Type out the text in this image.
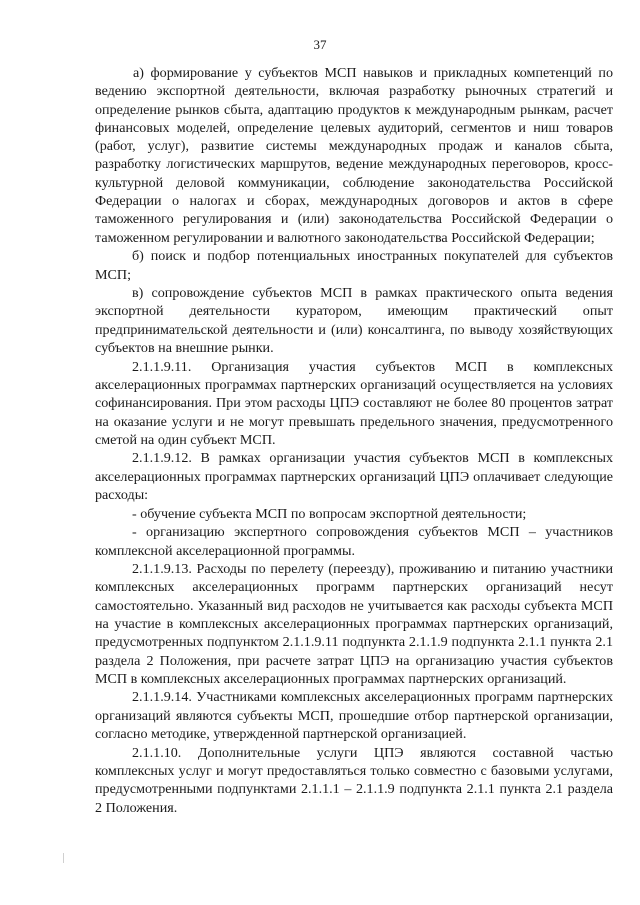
37

а) формирование у субъектов МСП навыков и прикладных компетенций по ведению экспортной деятельности, включая разработку рыночных стратегий и определение рынков сбыта, адаптацию продуктов к международным рынкам, расчет финансовых моделей, определение целевых аудиторий, сегментов и ниш товаров (работ, услуг), развитие системы международных продаж и каналов сбыта, разработку логистических маршрутов, ведение международных переговоров, кросс-культурной деловой коммуникации, соблюдение законодательства Российской Федерации о налогах и сборах, международных договоров и актов в сфере таможенного регулирования и (или) законодательства Российской Федерации о таможенном регулировании и валютного законодательства Российской Федерации;

б) поиск и подбор потенциальных иностранных покупателей для субъектов МСП;

в) сопровождение субъектов МСП в рамках практического опыта ведения экспортной деятельности куратором, имеющим практический опыт предпринимательской деятельности и (или) консалтинга, по выводу хозяйствующих субъектов на внешние рынки.

2.1.1.9.11. Организация участия субъектов МСП в комплексных акселерационных программах партнерских организаций осуществляется на условиях софинансирования. При этом расходы ЦПЭ составляют не более 80 процентов затрат на оказание услуги и не могут превышать предельного значения, предусмотренного сметой на один субъект МСП.

2.1.1.9.12. В рамках организации участия субъектов МСП в комплексных акселерационных программах партнерских организаций ЦПЭ оплачивает следующие расходы:

- обучение субъекта МСП по вопросам экспортной деятельности;

- организацию экспертного сопровождения субъектов МСП – участников комплексной акселерационной программы.

2.1.1.9.13. Расходы по перелету (переезду), проживанию и питанию участники комплексных акселерационных программ партнерских организаций несут самостоятельно. Указанный вид расходов не учитывается как расходы субъекта МСП на участие в комплексных акселерационных программах партнерских организаций, предусмотренных подпунктом 2.1.1.9.11 подпункта 2.1.1.9 подпункта 2.1.1 пункта 2.1 раздела 2 Положения, при расчете затрат ЦПЭ на организацию участия субъектов МСП в комплексных акселерационных программах партнерских организаций.

2.1.1.9.14. Участниками комплексных акселерационных программ партнерских организаций являются субъекты МСП, прошедшие отбор партнерской организации, согласно методике, утвержденной партнерской организацией.

2.1.1.10. Дополнительные услуги ЦПЭ являются составной частью комплексных услуг и могут предоставляться только совместно с базовыми услугами, предусмотренными подпунктами 2.1.1.1 – 2.1.1.9 подпункта 2.1.1 пункта 2.1 раздела 2 Положения.
